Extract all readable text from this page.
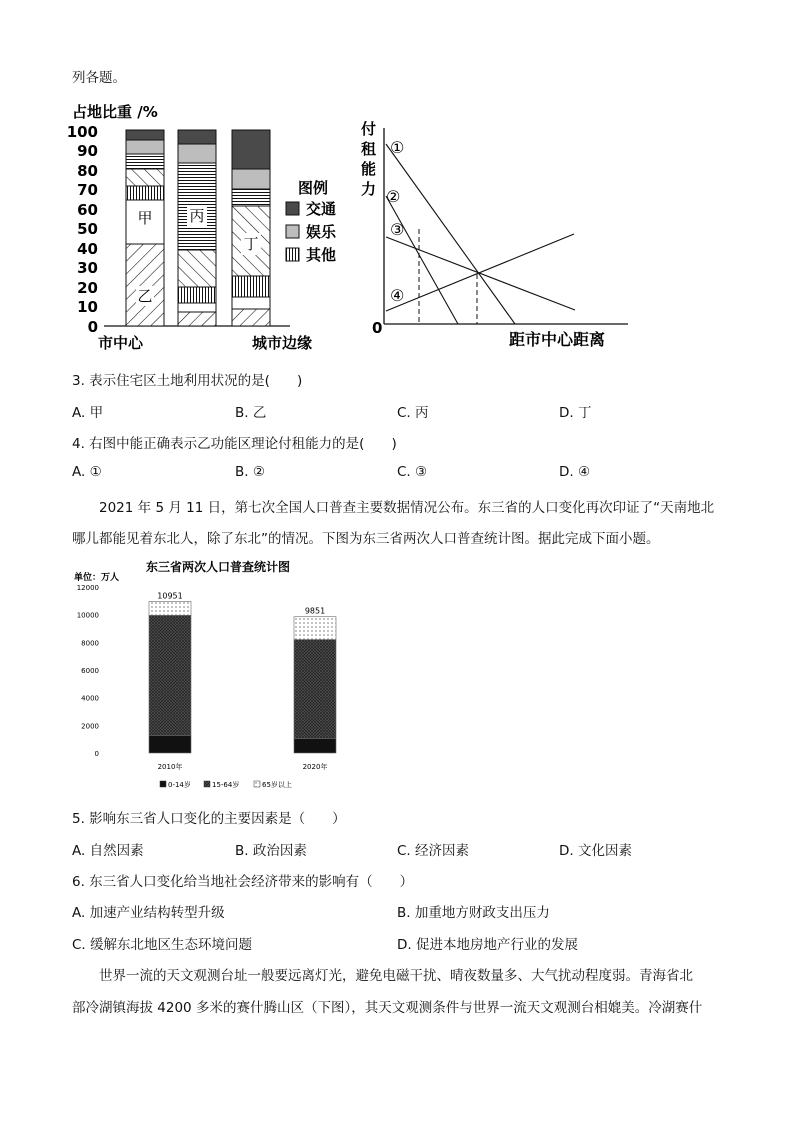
列各题。
占地比重 /%
100
90
80
70
60
50
40
30
20
10
0
甲
乙
丙
丁
市中心	城市边缘
图例
交通
娱乐
其他
付
租
能
力
0
距市中心距离
①
②
③
④
3. 表示住宅区土地利用状况的是(　　)
A. 甲	B. 乙	C. 丙	D. 丁
4. 右图中能正确表示乙功能区理论付租能力的是(　　)
A. ①	B. ②	C. ③	D. ④
2021 年 5 月 11 日，第七次全国人口普查主要数据情况公布。东三省的人口变化再次印证了“天南地北
哪儿都能见着东北人，除了东北”的情况。下图为东三省两次人口普查统计图。据此完成下面小题。
东三省两次人口普查统计图
单位：万人
0
2000
4000
6000
8000
10000
12000
10951
2010年
9851
2020年
0-14岁	15-64岁	65岁以上
5. 影响东三省人口变化的主要因素是（　　）
A. 自然因素	B. 政治因素	C. 经济因素	D. 文化因素
6. 东三省人口变化给当地社会经济带来的影响有（　　）
A. 加速产业结构转型升级	B. 加重地方财政支出压力
C. 缓解东北地区生态环境问题	D. 促进本地房地产行业的发展
世界一流的天文观测台址一般要远离灯光，避免电磁干扰、晴夜数量多、大气扰动程度弱。青海省北
部冷湖镇海拔 4200 多米的赛什腾山区（下图），其天文观测条件与世界一流天文观测台相媲美。冷湖赛什
